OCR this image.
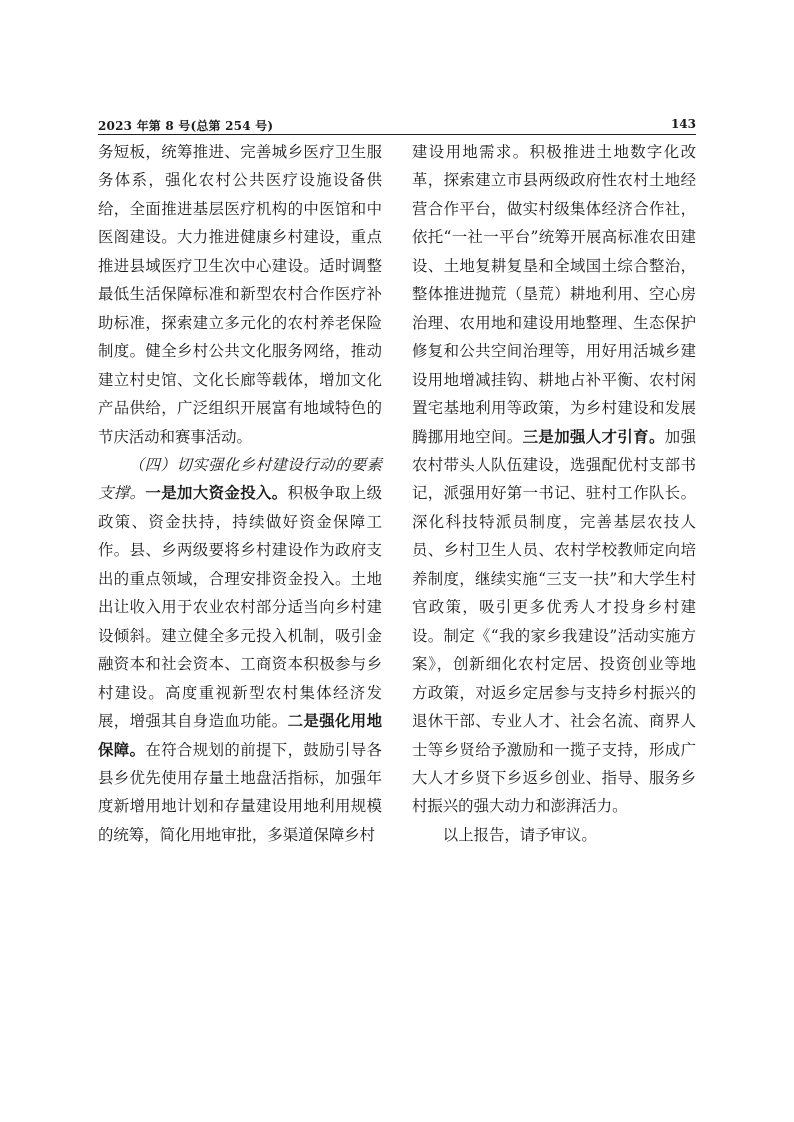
2023 年第 8 号(总第 254 号)	143

务短板，统筹推进、完善城乡医疗卫生服务体系，强化农村公共医疗设施设备供给，全面推进基层医疗机构的中医馆和中医阁建设。大力推进健康乡村建设，重点推进县域医疗卫生次中心建设。适时调整最低生活保障标准和新型农村合作医疗补助标准，探索建立多元化的农村养老保险制度。健全乡村公共文化服务网络，推动建立村史馆、文化长廊等载体，增加文化产品供给，广泛组织开展富有地域特色的节庆活动和赛事活动。

（四）切实强化乡村建设行动的要素支撑。一是加大资金投入。积极争取上级政策、资金扶持，持续做好资金保障工作。县、乡两级要将乡村建设作为政府支出的重点领域，合理安排资金投入。土地出让收入用于农业农村部分适当向乡村建设倾斜。建立健全多元投入机制，吸引金融资本和社会资本、工商资本积极参与乡村建设。高度重视新型农村集体经济发展，增强其自身造血功能。二是强化用地保障。在符合规划的前提下，鼓励引导各县乡优先使用存量土地盘活指标，加强年度新增用地计划和存量建设用地利用规模的统筹，简化用地审批，多渠道保障乡村

建设用地需求。积极推进土地数字化改革，探索建立市县两级政府性农村土地经营合作平台，做实村级集体经济合作社，依托“一社一平台”统筹开展高标准农田建设、土地复耕复垦和全域国土综合整治，整体推进抛荒（垦荒）耕地利用、空心房治理、农用地和建设用地整理、生态保护修复和公共空间治理等，用好用活城乡建设用地增减挂钩、耕地占补平衡、农村闲置宅基地利用等政策，为乡村建设和发展腾挪用地空间。三是加强人才引育。加强农村带头人队伍建设，选强配优村支部书记，派强用好第一书记、驻村工作队长。深化科技特派员制度，完善基层农技人员、乡村卫生人员、农村学校教师定向培养制度，继续实施“三支一扶”和大学生村官政策，吸引更多优秀人才投身乡村建设。制定《“我的家乡我建设”活动实施方案》，创新细化农村定居、投资创业等地方政策，对返乡定居参与支持乡村振兴的退休干部、专业人才、社会名流、商界人士等乡贤给予激励和一揽子支持，形成广大人才乡贤下乡返乡创业、指导、服务乡村振兴的强大动力和澎湃活力。

以上报告，请予审议。
